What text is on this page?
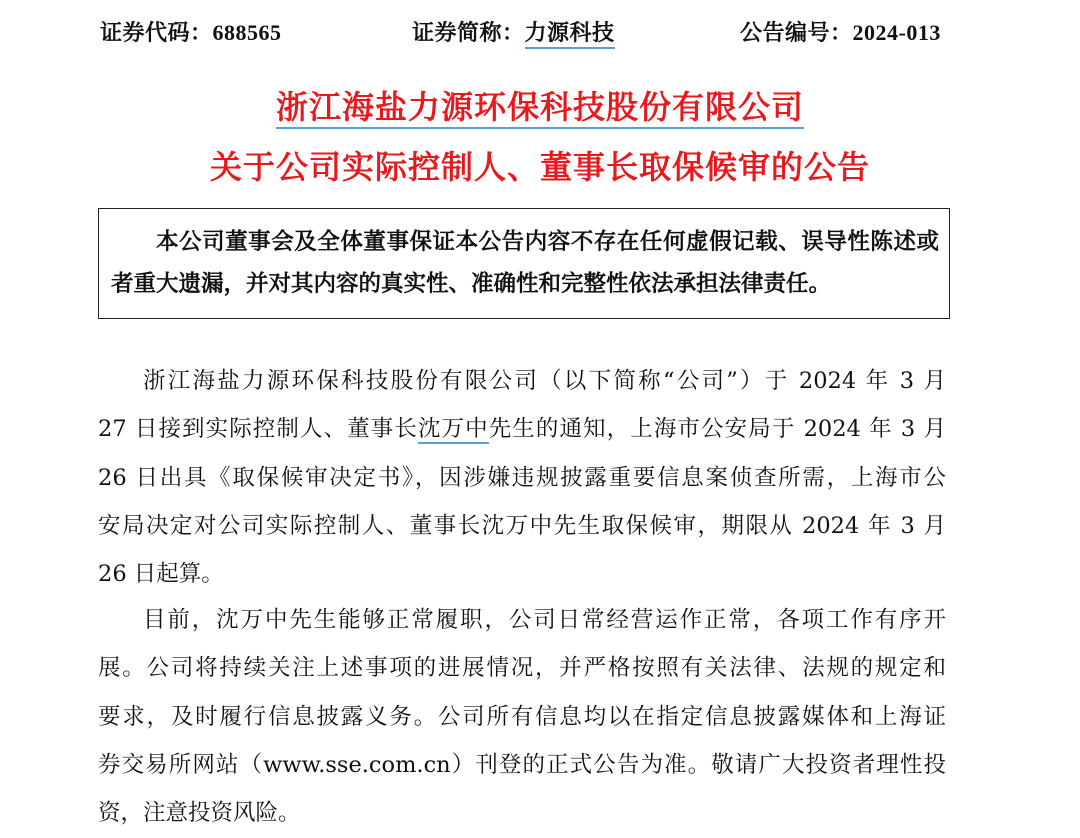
证券代码：688565	证券简称：力源科技	公告编号：2024-013
浙江海盐力源环保科技股份有限公司
关于公司实际控制人、董事长取保候审的公告

本公司董事会及全体董事保证本公告内容不存在任何虚假记载、误导性陈述或者重大遗漏，并对其内容的真实性、准确性和完整性依法承担法律责任。

浙江海盐力源环保科技股份有限公司（以下简称“公司”）于 2024 年 3 月
27 日接到实际控制人、董事长沈万中先生的通知，上海市公安局于 2024 年 3 月
26 日出具《取保候审决定书》，因涉嫌违规披露重要信息案侦查所需，上海市公
安局决定对公司实际控制人、董事长沈万中先生取保候审，期限从 2024 年 3 月
26 日起算。
目前，沈万中先生能够正常履职，公司日常经营运作正常，各项工作有序开
展。公司将持续关注上述事项的进展情况，并严格按照有关法律、法规的规定和
要求，及时履行信息披露义务。公司所有信息均以在指定信息披露媒体和上海证
券交易所网站（www.sse.com.cn）刊登的正式公告为准。敬请广大投资者理性投
资，注意投资风险。
